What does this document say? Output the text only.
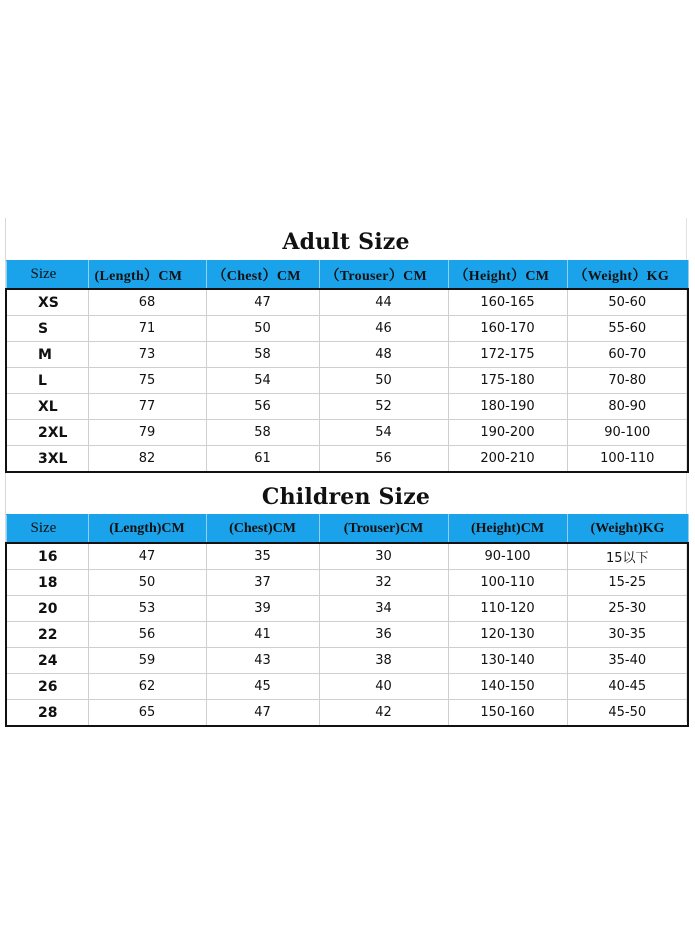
Adult Size
Size	(Length）CM	（Chest）CM	（Trouser）CM	（Height）CM	（Weight）KG
XS	68	47	44	160-165	50-60
S	71	50	46	160-170	55-60
M	73	58	48	172-175	60-70
L	75	54	50	175-180	70-80
XL	77	56	52	180-190	80-90
2XL	79	58	54	190-200	90-100
3XL	82	61	56	200-210	100-110
Children Size
Size	(Length)CM	(Chest)CM	(Trouser)CM	(Height)CM	(Weight)KG
16	47	35	30	90-100	15以下
18	50	37	32	100-110	15-25
20	53	39	34	110-120	25-30
22	56	41	36	120-130	30-35
24	59	43	38	130-140	35-40
26	62	45	40	140-150	40-45
28	65	47	42	150-160	45-50
